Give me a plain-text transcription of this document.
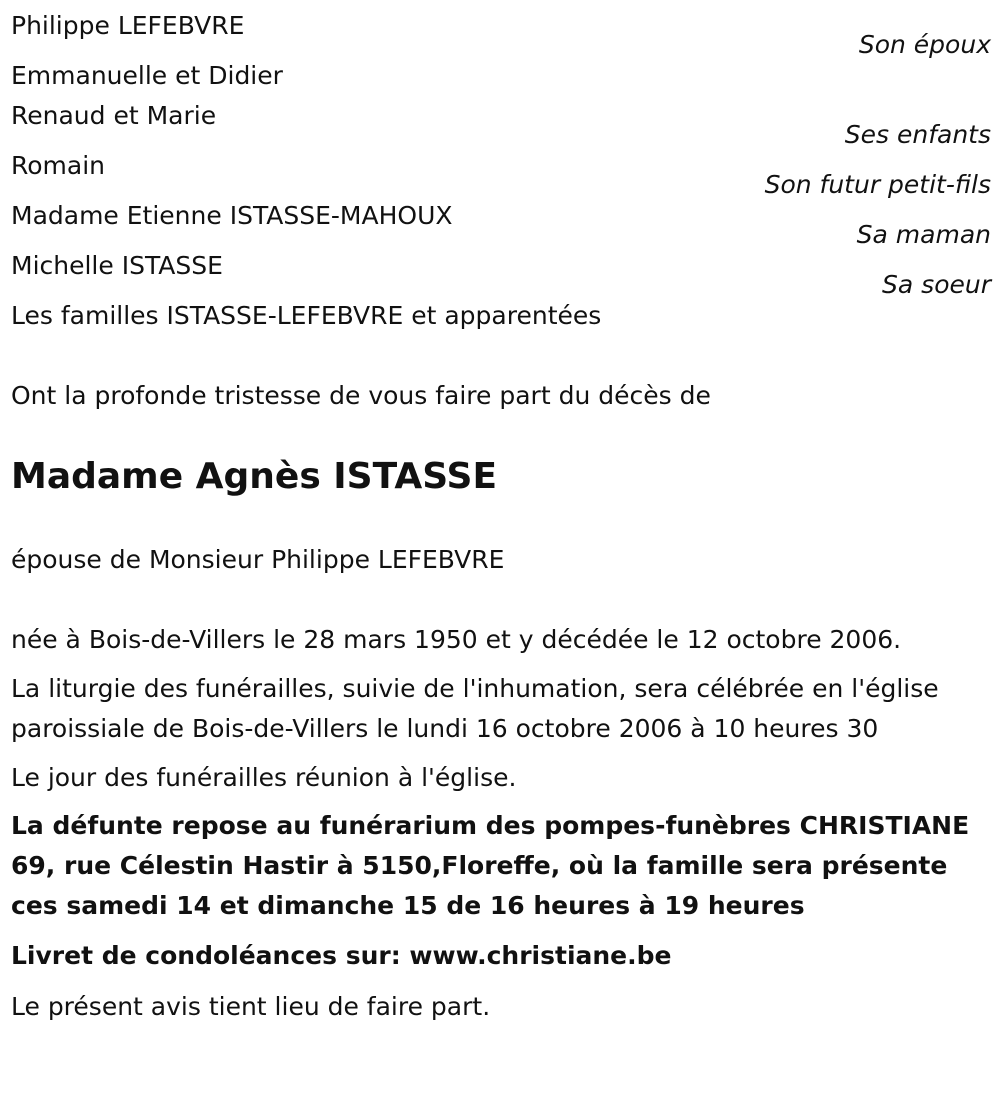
Philippe LEFEBVRE
Son époux
Emmanuelle et Didier
Renaud et Marie
Ses enfants
Romain
Son futur petit-fils
Madame Etienne ISTASSE-MAHOUX
Sa maman
Michelle ISTASSE
Sa soeur
Les familles ISTASSE-LEFEBVRE et apparentées
Ont la profonde tristesse de vous faire part du décès de
Madame Agnès ISTASSE
épouse de Monsieur Philippe LEFEBVRE
née à Bois-de-Villers le 28 mars 1950 et y décédée le 12 octobre 2006.
La liturgie des funérailles, suivie de l'inhumation, sera célébrée en l'église paroissiale de Bois-de-Villers le lundi 16 octobre 2006 à 10 heures 30
Le jour des funérailles réunion à l'église.
La défunte repose au funérarium des pompes-funèbres CHRISTIANE 69, rue Célestin Hastir à 5150,Floreffe, où la famille sera présente ces samedi 14 et dimanche 15 de 16 heures à 19 heures
Livret de condoléances sur: www.christiane.be
Le présent avis tient lieu de faire part.
